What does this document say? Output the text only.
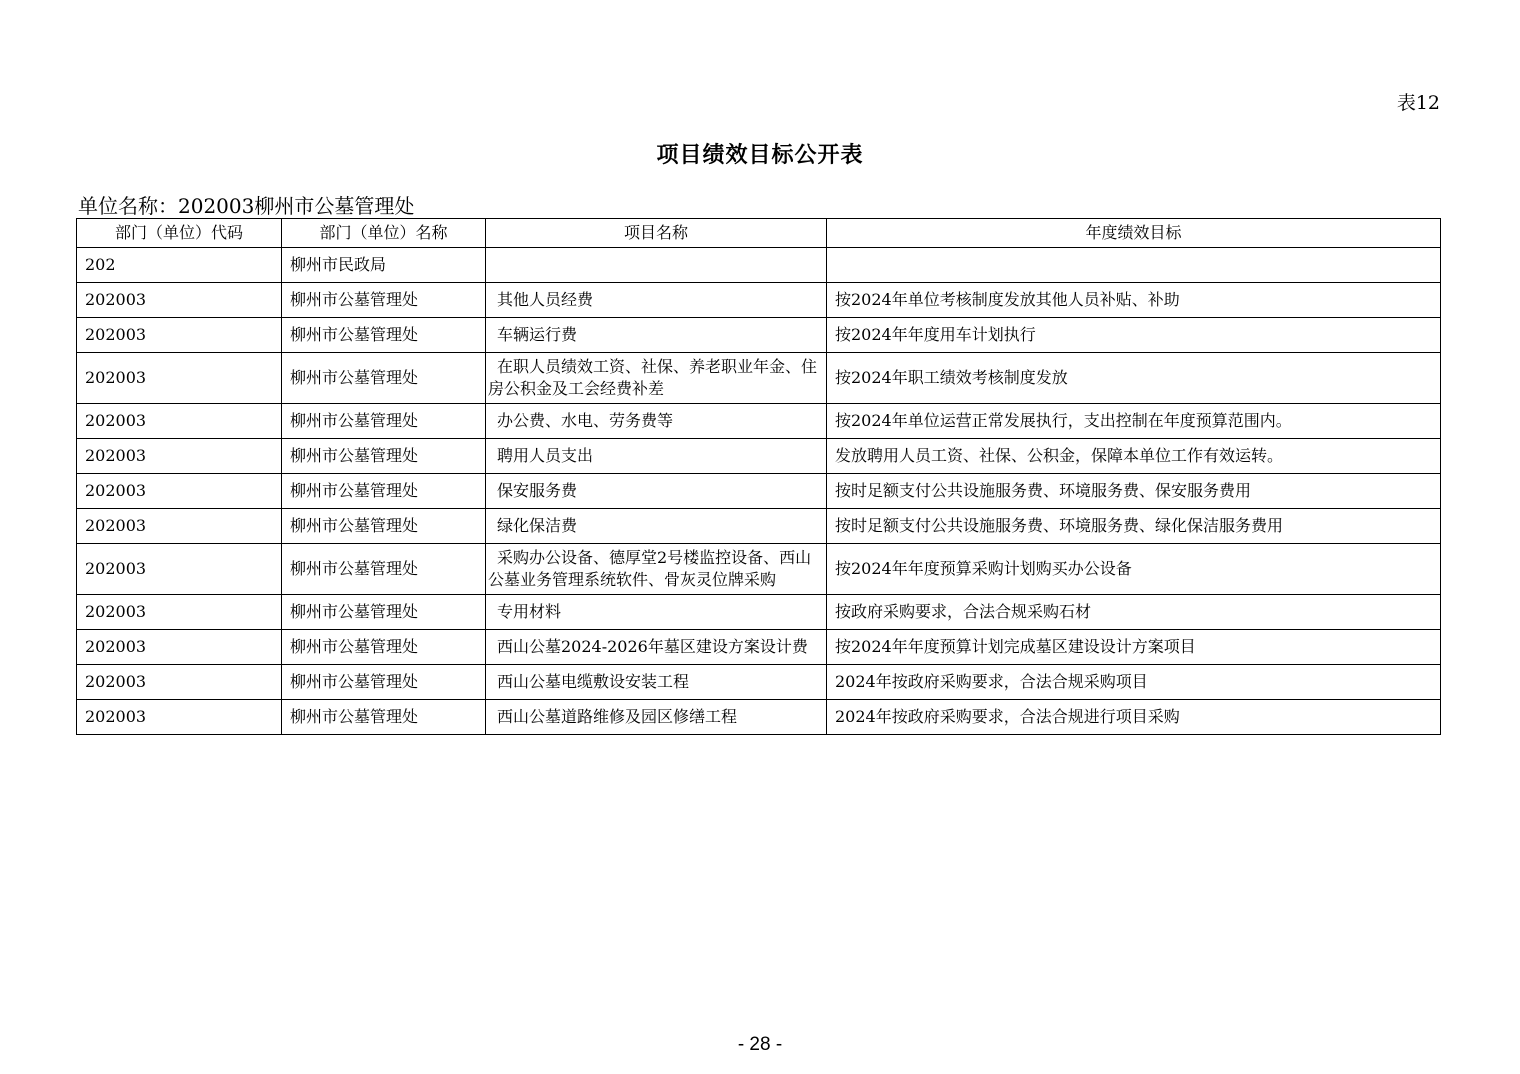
表12
项目绩效目标公开表
单位名称：202003柳州市公墓管理处
部门（单位）代码	部门（单位）名称	项目名称	年度绩效目标
202	柳州市民政局	

202003	柳州市公墓管理处	其他人员经费	按2024年单位考核制度发放其他人员补贴、补助
202003	柳州市公墓管理处	车辆运行费	按2024年年度用车计划执行
202003	柳州市公墓管理处	在职人员绩效工资、社保、养老职业年金、住房公积金及工会经费补差	按2024年职工绩效考核制度发放
202003	柳州市公墓管理处	办公费、水电、劳务费等	按2024年单位运营正常发展执行，支出控制在年度预算范围内。
202003	柳州市公墓管理处	聘用人员支出	发放聘用人员工资、社保、公积金，保障本单位工作有效运转。
202003	柳州市公墓管理处	保安服务费	按时足额支付公共设施服务费、环境服务费、保安服务费用
202003	柳州市公墓管理处	绿化保洁费	按时足额支付公共设施服务费、环境服务费、绿化保洁服务费用
202003	柳州市公墓管理处	采购办公设备、德厚堂2号楼监控设备、西山公墓业务管理系统软件、骨灰灵位牌采购	按2024年年度预算采购计划购买办公设备
202003	柳州市公墓管理处	专用材料	按政府采购要求，合法合规采购石材
202003	柳州市公墓管理处	西山公墓2024-2026年墓区建设方案设计费	按2024年年度预算计划完成墓区建设设计方案项目
202003	柳州市公墓管理处	西山公墓电缆敷设安装工程	2024年按政府采购要求，合法合规采购项目
202003	柳州市公墓管理处	西山公墓道路维修及园区修缮工程	2024年按政府采购要求，合法合规进行项目采购
- 28 -
